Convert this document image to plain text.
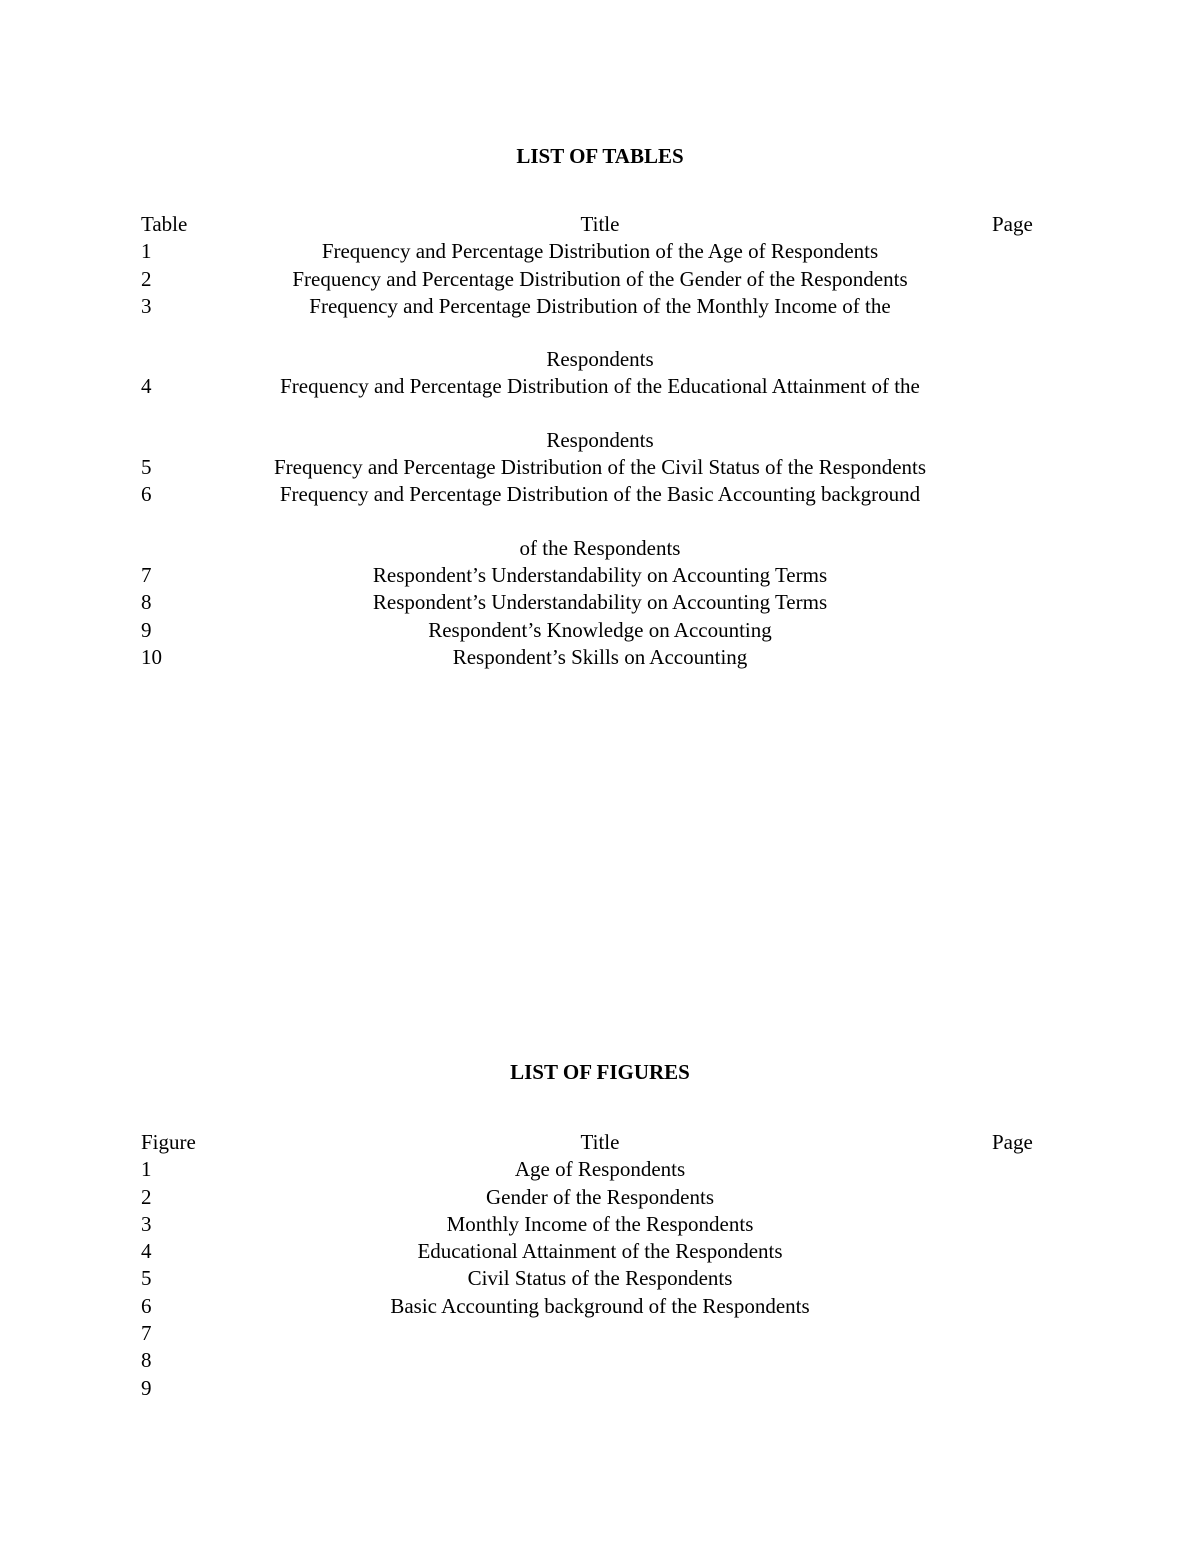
LIST OF TABLES
Table	Title	Page
1	Frequency and Percentage Distribution of the Age of Respondents
2	Frequency and Percentage Distribution of the Gender of the Respondents
3	Frequency and Percentage Distribution of the Monthly Income of the
Respondents
4	Frequency and Percentage Distribution of the Educational Attainment of the
Respondents
5	Frequency and Percentage Distribution of the Civil Status of the Respondents
6	Frequency and Percentage Distribution of the Basic Accounting background
of the Respondents
7	Respondent’s Understandability on Accounting Terms
8	Respondent’s Understandability on Accounting Terms
9	Respondent’s Knowledge on Accounting
10	Respondent’s Skills on Accounting
LIST OF FIGURES
Figure	Title	Page
1	Age of Respondents
2	Gender of the Respondents
3	Monthly Income of the Respondents
4	Educational Attainment of the Respondents
5	Civil Status of the Respondents
6	Basic Accounting background of the Respondents
7
8
9
